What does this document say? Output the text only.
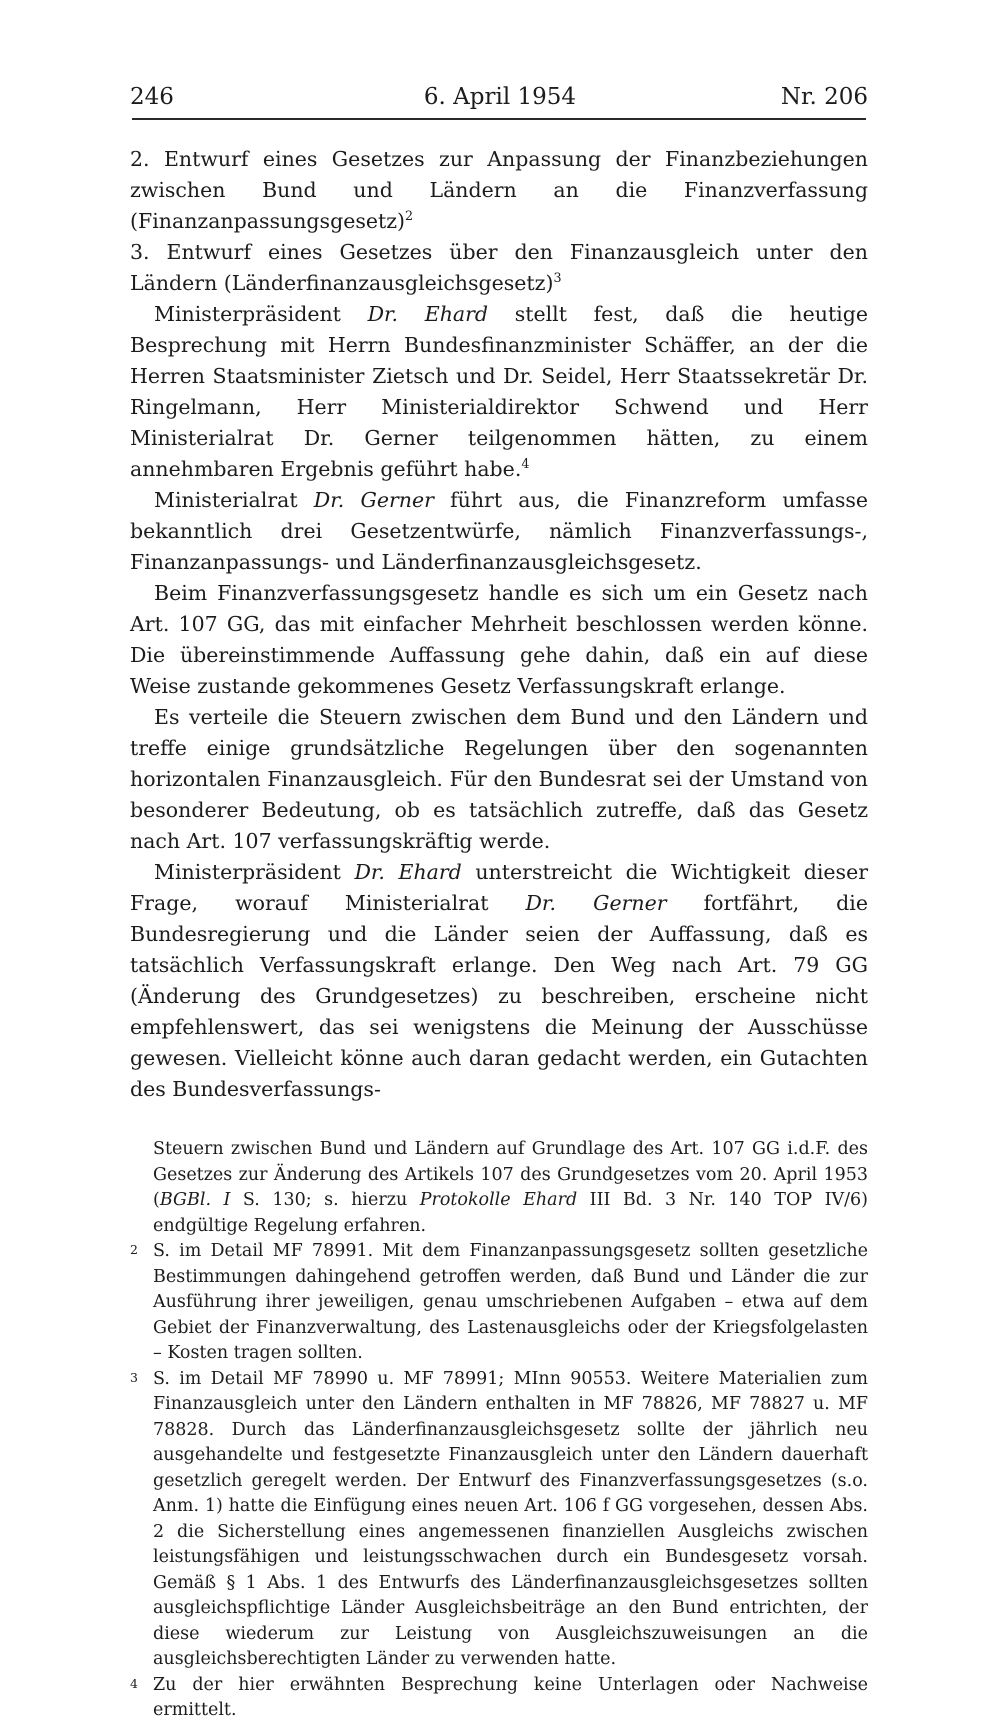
246	6. April 1954	Nr. 206

2. Entwurf eines Gesetzes zur Anpassung der Finanzbeziehungen zwischen Bund und Ländern an die Finanzverfassung (Finanzanpassungsgesetz)$^2$

3. Entwurf eines Gesetzes über den Finanzausgleich unter den Ländern (Länderfinanzausgleichsgesetz)$^3$

Ministerpräsident Dr. Ehard stellt fest, daß die heutige Besprechung mit Herrn Bundesfinanzminister Schäffer, an der die Herren Staatsminister Zietsch und Dr. Seidel, Herr Staatssekretär Dr. Ringelmann, Herr Ministerialdirektor Schwend und Herr Ministerialrat Dr. Gerner teilgenommen hätten, zu einem annehmbaren Ergebnis geführt habe.$^4$

Ministerialrat Dr. Gerner führt aus, die Finanzreform umfasse bekanntlich drei Gesetzentwürfe, nämlich Finanzverfassungs-, Finanzanpassungs- und Länderfinanzausgleichsgesetz.

Beim Finanzverfassungsgesetz handle es sich um ein Gesetz nach Art. 107 GG, das mit einfacher Mehrheit beschlossen werden könne. Die übereinstimmende Auffassung gehe dahin, daß ein auf diese Weise zustande gekommenes Gesetz Verfassungskraft erlange.

Es verteile die Steuern zwischen dem Bund und den Ländern und treffe einige grundsätzliche Regelungen über den sogenannten horizontalen Finanzausgleich. Für den Bundesrat sei der Umstand von besonderer Bedeutung, ob es tatsächlich zutreffe, daß das Gesetz nach Art. 107 verfassungskräftig werde.

Ministerpräsident Dr. Ehard unterstreicht die Wichtigkeit dieser Frage, worauf Ministerialrat Dr. Gerner fortfährt, die Bundesregierung und die Länder seien der Auffassung, daß es tatsächlich Verfassungskraft erlange. Den Weg nach Art. 79 GG (Änderung des Grundgesetzes) zu beschreiben, erscheine nicht empfehlenswert, das sei wenigstens die Meinung der Ausschüsse gewesen. Vielleicht könne auch daran gedacht werden, ein Gutachten des Bundesverfassungs-

Steuern zwischen Bund und Ländern auf Grundlage des Art. 107 GG i.d.F. des Gesetzes zur Änderung des Artikels 107 des Grundgesetzes vom 20. April 1953 (BGBl. I S. 130; s. hierzu Protokolle Ehard III Bd. 3 Nr. 140 TOP IV/6) endgültige Regelung erfahren.
2 S. im Detail MF 78991. Mit dem Finanzanpassungsgesetz sollten gesetzliche Bestimmungen dahingehend getroffen werden, daß Bund und Länder die zur Ausführung ihrer jeweiligen, genau umschriebenen Aufgaben – etwa auf dem Gebiet der Finanzverwaltung, des Lastenausgleichs oder der Kriegsfolgelasten – Kosten tragen sollten.
3 S. im Detail MF 78990 u. MF 78991; MInn 90553. Weitere Materialien zum Finanzausgleich unter den Ländern enthalten in MF 78826, MF 78827 u. MF 78828. Durch das Länderfinanzausgleichsgesetz sollte der jährlich neu ausgehandelte und festgesetzte Finanzausgleich unter den Ländern dauerhaft gesetzlich geregelt werden. Der Entwurf des Finanzverfassungsgesetzes (s.o. Anm. 1) hatte die Einfügung eines neuen Art. 106 f GG vorgesehen, dessen Abs. 2 die Sicherstellung eines angemessenen finanziellen Ausgleichs zwischen leistungsfähigen und leistungsschwachen durch ein Bundesgesetz vorsah. Gemäß § 1 Abs. 1 des Entwurfs des Länderfinanzausgleichsgesetzes sollten ausgleichspflichtige Länder Ausgleichsbeiträge an den Bund entrichten, der diese wiederum zur Leistung von Ausgleichszuweisungen an die ausgleichsberechtigten Länder zu verwenden hatte.
4 Zu der hier erwähnten Besprechung keine Unterlagen oder Nachweise ermittelt.
